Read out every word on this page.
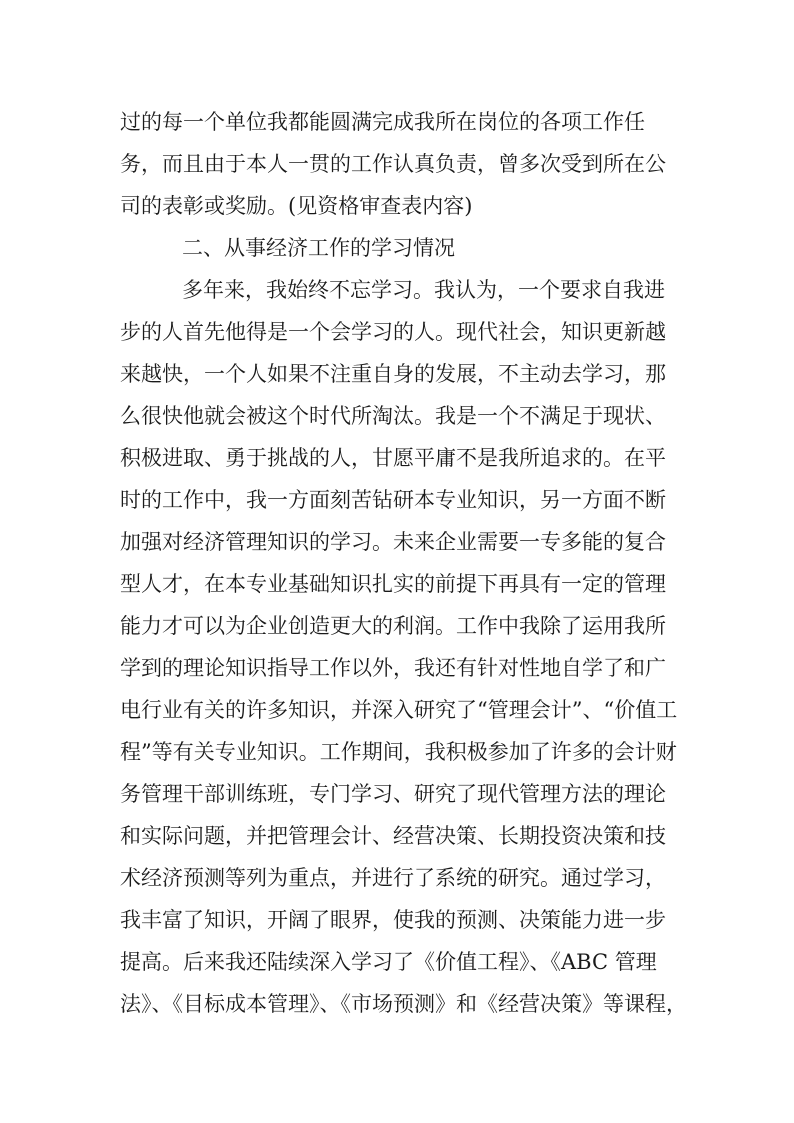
过的每一个单位我都能圆满完成我所在岗位的各项工作任
务，而且由于本人一贯的工作认真负责，曾多次受到所在公
司的表彰或奖励。(见资格审查表内容)
二、从事经济工作的学习情况
多年来，我始终不忘学习。我认为，一个要求自我进
步的人首先他得是一个会学习的人。现代社会，知识更新越
来越快，一个人如果不注重自身的发展，不主动去学习，那
么很快他就会被这个时代所淘汰。我是一个不满足于现状、
积极进取、勇于挑战的人，甘愿平庸不是我所追求的。在平
时的工作中，我一方面刻苦钻研本专业知识，另一方面不断
加强对经济管理知识的学习。未来企业需要一专多能的复合
型人才，在本专业基础知识扎实的前提下再具有一定的管理
能力才可以为企业创造更大的利润。工作中我除了运用我所
学到的理论知识指导工作以外，我还有针对性地自学了和广
电行业有关的许多知识，并深入研究了“管理会计”、“价值工
程”等有关专业知识。工作期间，我积极参加了许多的会计财
务管理干部训练班，专门学习、研究了现代管理方法的理论
和实际问题，并把管理会计、经营决策、长期投资决策和技
术经济预测等列为重点，并进行了系统的研究。通过学习，
我丰富了知识，开阔了眼界，使我的预测、决策能力进一步
提高。后来我还陆续深入学习了《价值工程》、《ABC 管理
法》、《目标成本管理》、《市场预测》和《经营决策》等课程，
